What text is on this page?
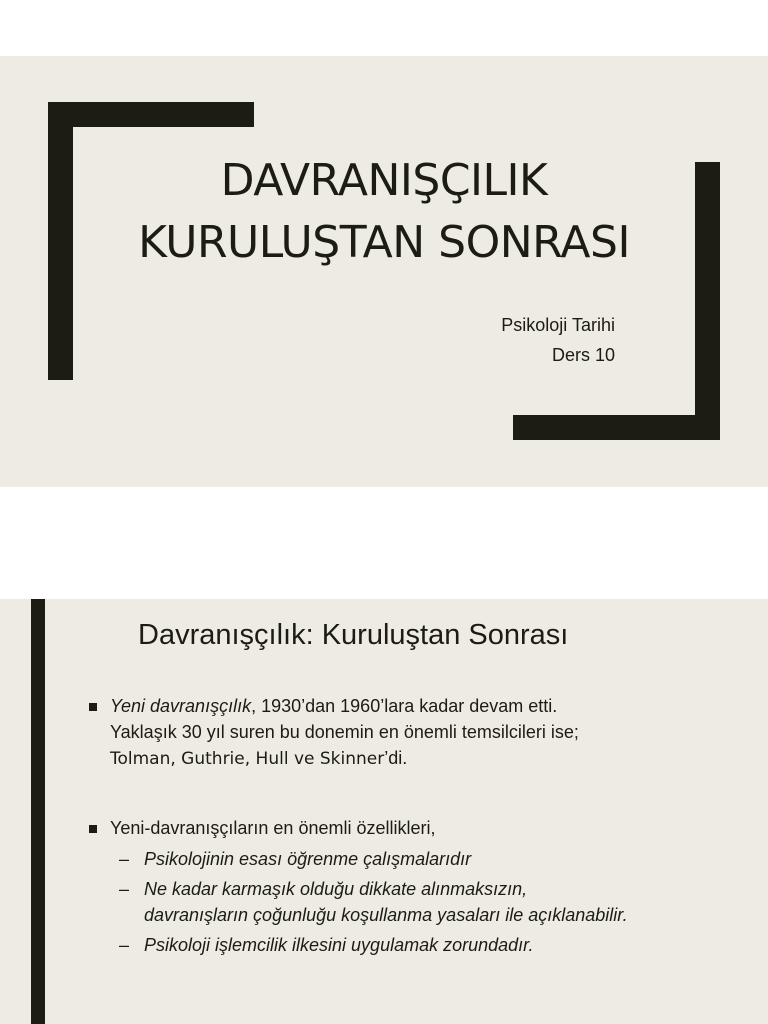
DAVRANIŞÇILIK
KURULUŞTAN SONRASI
Psikoloji Tarihi
Ders 10
Davranışçılık: Kuruluştan Sonrası
Yeni davranışçılık, 1930’dan 1960’lara kadar devam etti.
Yaklaşık 30 yıl suren bu donemin en önemli temsilcileri ise;
Tolman, Guthrie, Hull ve Skinner’di.
Yeni-davranışçıların en önemli özellikleri,
– Psikolojinin esası öğrenme çalışmalarıdır
– Ne kadar karmaşık olduğu dikkate alınmaksızın,
davranışların çoğunluğu koşullanma yasaları ile açıklanabilir.
– Psikoloji işlemcilik ilkesini uygulamak zorundadır.
